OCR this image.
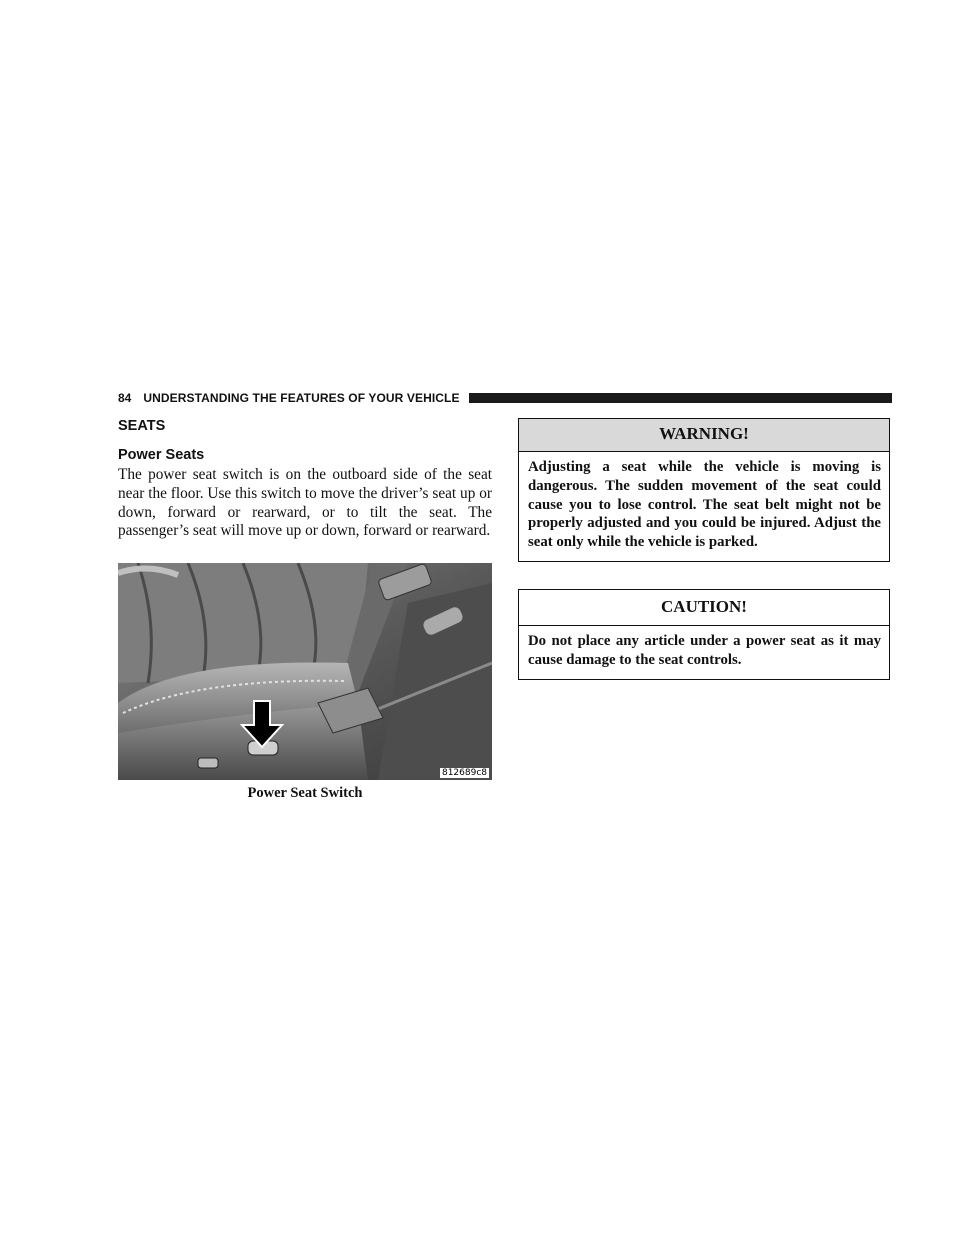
84 UNDERSTANDING THE FEATURES OF YOUR VEHICLE
SEATS
Power Seats

The power seat switch is on the outboard side of the seat near the floor. Use this switch to move the driver’s seat up or down, forward or rearward, or to tilt the seat. The passenger’s seat will move up or down, forward or rearward.

812689c8
Power Seat Switch
WARNING!

Adjusting a seat while the vehicle is moving is dangerous. The sudden movement of the seat could cause you to lose control. The seat belt might not be properly adjusted and you could be injured. Adjust the seat only while the vehicle is parked.

CAUTION!

Do not place any article under a power seat as it may cause damage to the seat controls.
